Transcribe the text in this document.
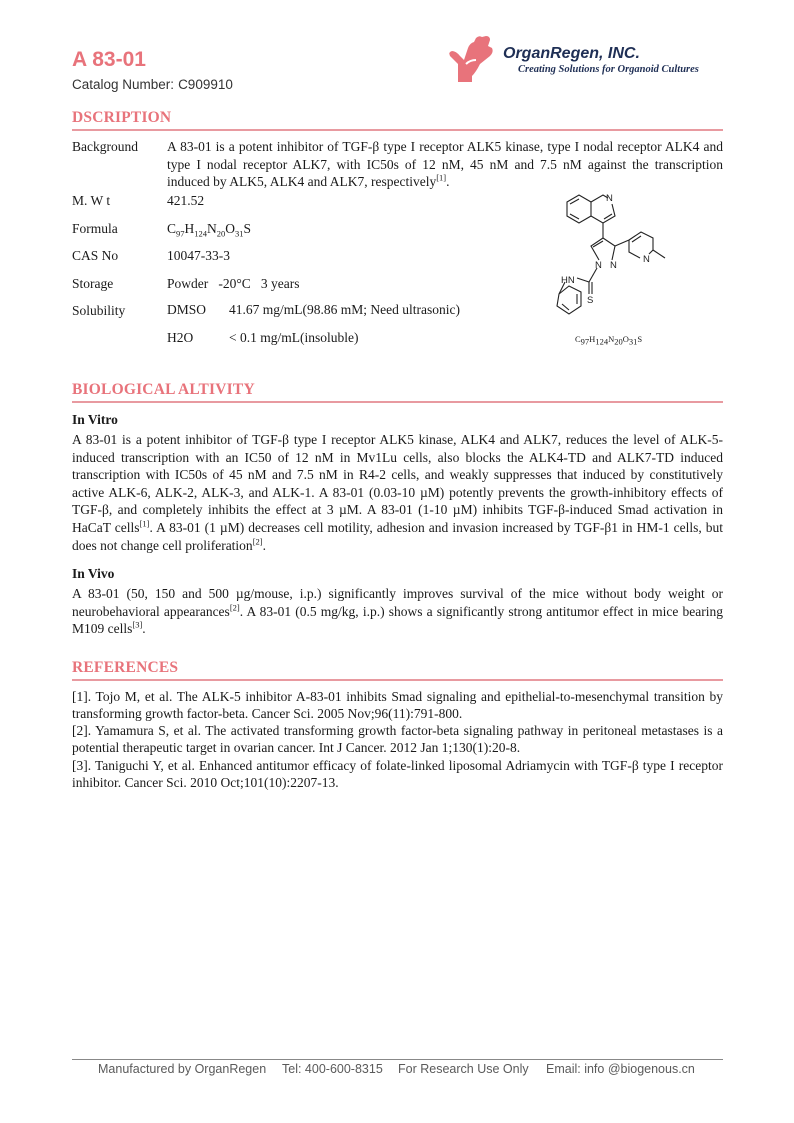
A 83-01
Catalog Number: C909910
OrganRegen, INC.
Creating Solutions for Organoid Cultures
DSCRIPTION
Background A 83-01 is a potent inhibitor of TGF-β type I receptor ALK5 kinase, type I nodal receptor ALK4 and type I nodal receptor ALK7, with IC50s of 12 nM, 45 nM and 7.5 nM against the transcription induced by ALK5, ALK4 and ALK7, respectively[1].
M. W t	421.52
Formula	$C_{97}H_{124}N_{20}O_{31}S$
CAS No	10047-33-3
Storage	Powder   -20°C   3 years
Solubility	DMSO 41.67 mg/mL(98.86 mM; Need ultrasonic)
H2O	< 0.1 mg/mL(insoluble)
N
N
N N
HN
S
$C_{97}H_{124}N_{20}O_{31}S$
BIOLOGICAL ALTIVITY
In Vitro
A 83-01 is a potent inhibitor of TGF-β type I receptor ALK5 kinase, ALK4 and ALK7, reduces the level of ALK-5-induced transcription with an IC50 of 12 nM in Mv1Lu cells, also blocks the ALK4-TD and ALK7-TD induced transcription with IC50s of 45 nM and 7.5 nM in R4-2 cells, and weakly suppresses that induced by constitutively active ALK-6, ALK-2, ALK-3, and ALK-1. A 83-01 (0.03-10 µM) potently prevents the growth-inhibitory effects of TGF-β, and completely inhibits the effect at 3 µM. A 83-01 (1-10 µM) inhibits TGF-β-induced Smad activation in HaCaT cells[1]. A 83-01 (1 µM) decreases cell motility, adhesion and invasion increased by TGF-β1 in HM-1 cells, but does not change cell proliferation[2].
In Vivo
A 83-01 (50, 150 and 500 µg/mouse, i.p.) significantly improves survival of the mice without body weight or neurobehavioral appearances[2]. A 83-01 (0.5 mg/kg, i.p.) shows a significantly strong antitumor effect in mice bearing M109 cells[3].
REFERENCES
[1]. Tojo M, et al. The ALK-5 inhibitor A-83-01 inhibits Smad signaling and epithelial-to-mesenchymal transition by transforming growth factor-beta. Cancer Sci. 2005 Nov;96(11):791-800.
[2]. Yamamura S, et al. The activated transforming growth factor-beta signaling pathway in peritoneal metastases is a potential therapeutic target in ovarian cancer. Int J Cancer. 2012 Jan 1;130(1):20-8.
[3]. Taniguchi Y, et al. Enhanced antitumor efficacy of folate-linked liposomal Adriamycin with TGF-β type I receptor inhibitor. Cancer Sci. 2010 Oct;101(10):2207-13.
Manufactured by OrganRegen Tel: 400-600-8315 For Research Use Only Email: info @biogenous.cn
